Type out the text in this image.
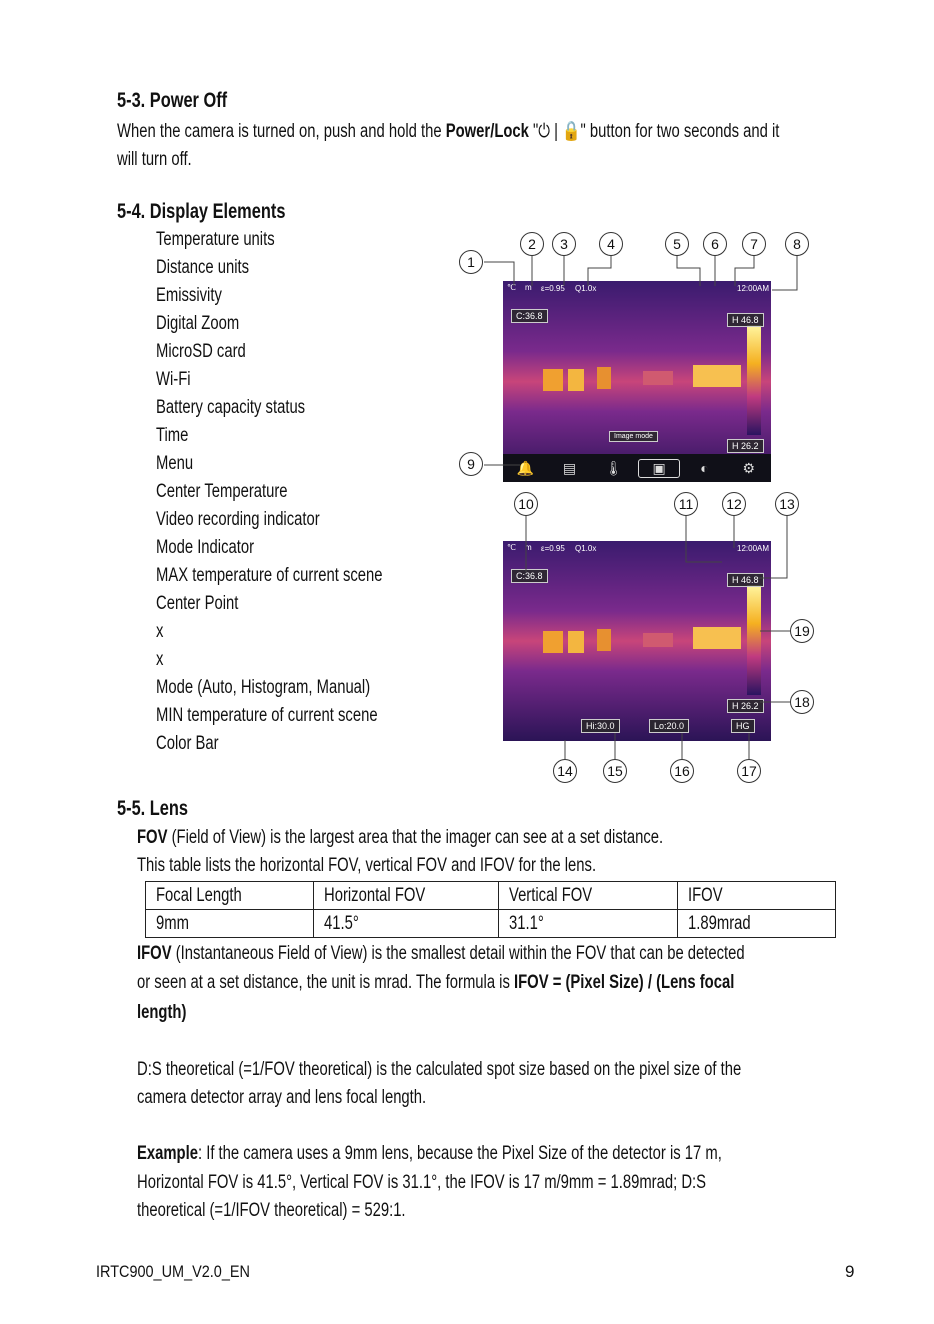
5-3. Power Off
When the camera is turned on, push and hold the Power/Lock "⏻ | 🔒" button for two seconds and it
will turn off.
5-4. Display Elements
Temperature units
Distance units
Emissivity
Digital Zoom
MicroSD card
Wi-Fi
Battery capacity status
Time
Menu
Center Temperature
Video recording indicator
Mode Indicator
MAX temperature of current scene
Center Point
x
x
Mode (Auto, Histogram, Manual)
MIN temperature of current scene
Color Bar
℃ m ε=0.95 Q1.0x	12:00AM
C:36.8	H 46.8
Image mode
H 26.2
🔔	▤	🌡	▣	◐	⚙
℃ m ε=0.95 Q1.0x	12:00AM
C:36.8	H 46.8
H 26.2
Hi:30.0	Lo:20.0	HG
1
2	3	4	5	6	7	8
9
10	11	12	13
14	15	16	17
18
19
5-5. Lens
FOV (Field of View) is the largest area that the imager can see at a set distance.
This table lists the horizontal FOV, vertical FOV and IFOV for the lens.
Focal Length	Horizontal FOV	Vertical FOV	IFOV
9mm	41.5°	31.1°	1.89mrad
IFOV (Instantaneous Field of View) is the smallest detail within the FOV that can be detected
or seen at a set distance, the unit is mrad. The formula is IFOV = (Pixel Size) / (Lens focal
length)
D:S theoretical (=1/FOV theoretical) is the calculated spot size based on the pixel size of the
camera detector array and lens focal length.
Example: If the camera uses a 9mm lens, because the Pixel Size of the detector is 17 m,
Horizontal FOV is 41.5°, Vertical FOV is 31.1°, the IFOV is 17 m/9mm = 1.89mrad; D:S
theoretical (=1/IFOV theoretical) = 529:1.
IRTC900_UM_V2.0_EN	9
